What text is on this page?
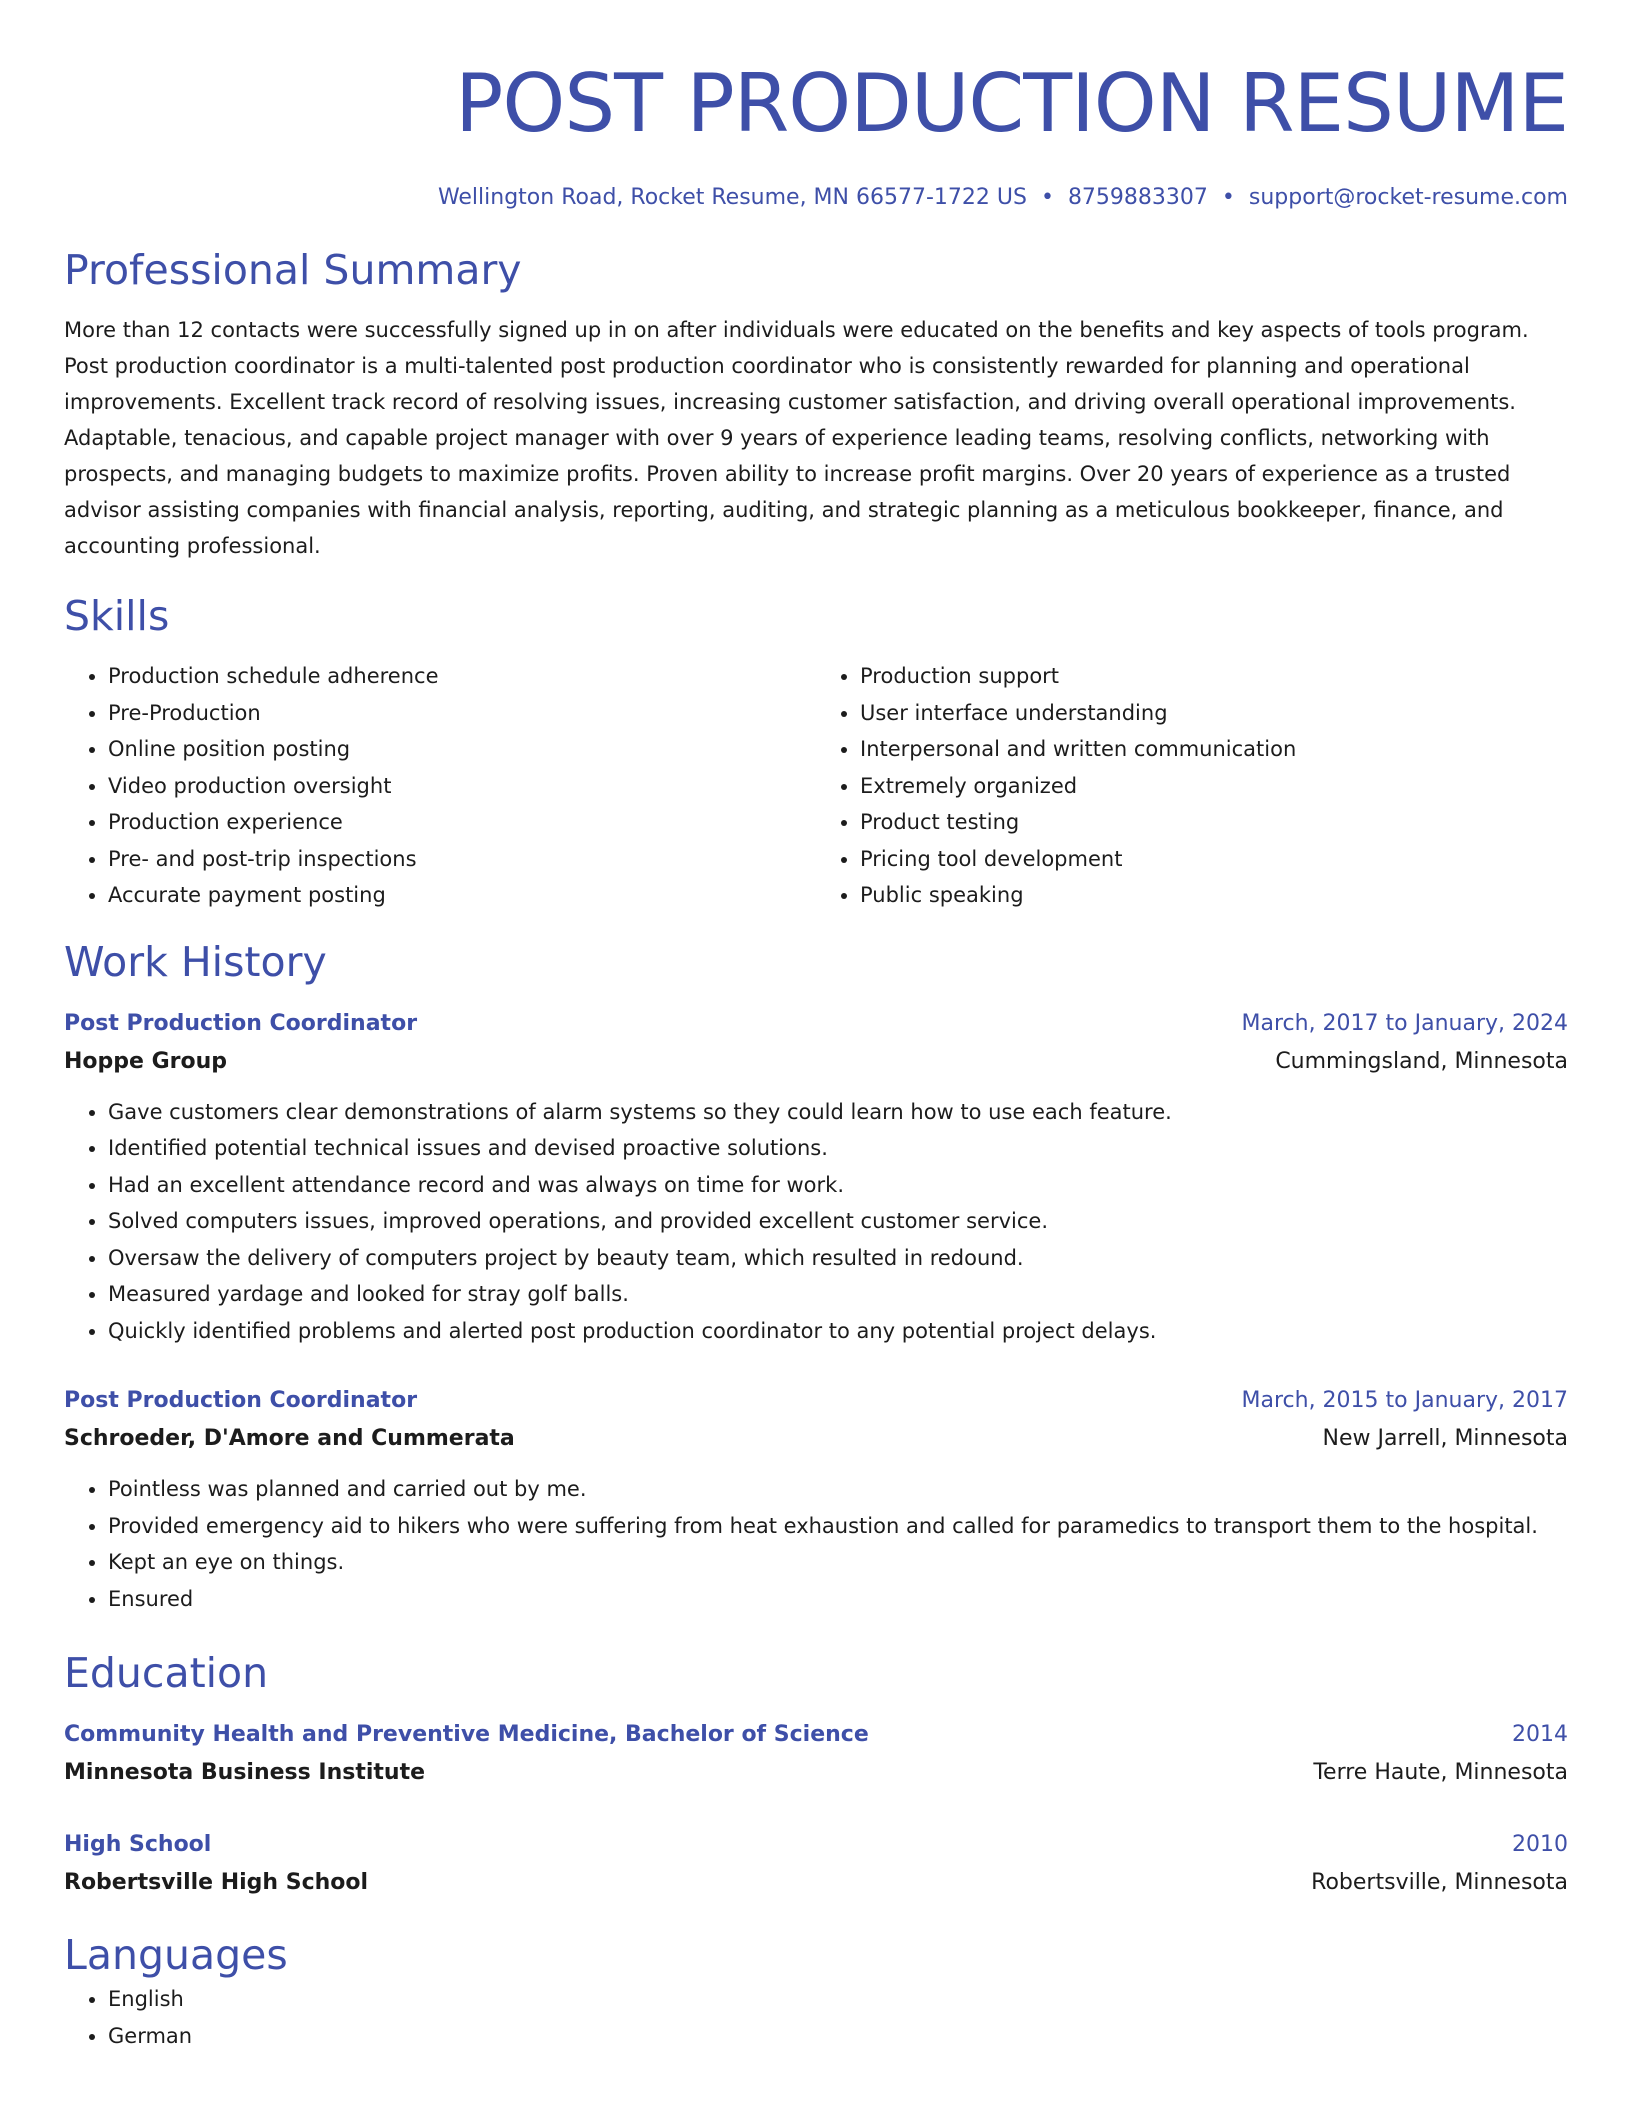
POST PRODUCTION RESUME
Wellington Road, Rocket Resume, MN 66577-1722 US • 8759883307 • support@rocket-resume.com
Professional Summary
More than 12 contacts were successfully signed up in on after individuals were educated on the benefits and key aspects of tools program. Post production coordinator is a multi-talented post production coordinator who is consistently rewarded for planning and operational improvements. Excellent track record of resolving issues, increasing customer satisfaction, and driving overall operational improvements. Adaptable, tenacious, and capable project manager with over 9 years of experience leading teams, resolving conflicts, networking with prospects, and managing budgets to maximize profits. Proven ability to increase profit margins. Over 20 years of experience as a trusted advisor assisting companies with financial analysis, reporting, auditing, and strategic planning as a meticulous bookkeeper, finance, and accounting professional.
Skills
• Production schedule adherence
• Pre-Production
• Online position posting
• Video production oversight
• Production experience
• Pre- and post-trip inspections
• Accurate payment posting
• Production support
• User interface understanding
• Interpersonal and written communication
• Extremely organized
• Product testing
• Pricing tool development
• Public speaking
Work History
Post Production Coordinator	March, 2017 to January, 2024
Hoppe Group	Cummingsland, Minnesota
• Gave customers clear demonstrations of alarm systems so they could learn how to use each feature.
• Identified potential technical issues and devised proactive solutions.
• Had an excellent attendance record and was always on time for work.
• Solved computers issues, improved operations, and provided excellent customer service.
• Oversaw the delivery of computers project by beauty team, which resulted in redound.
• Measured yardage and looked for stray golf balls.
• Quickly identified problems and alerted post production coordinator to any potential project delays.
Post Production Coordinator	March, 2015 to January, 2017
Schroeder, D'Amore and Cummerata	New Jarrell, Minnesota
• Pointless was planned and carried out by me.
• Provided emergency aid to hikers who were suffering from heat exhaustion and called for paramedics to transport them to the hospital.
• Kept an eye on things.
• Ensured
Education
Community Health and Preventive Medicine, Bachelor of Science	2014
Minnesota Business Institute	Terre Haute, Minnesota
High School	2010
Robertsville High School	Robertsville, Minnesota
Languages
• English
• German
